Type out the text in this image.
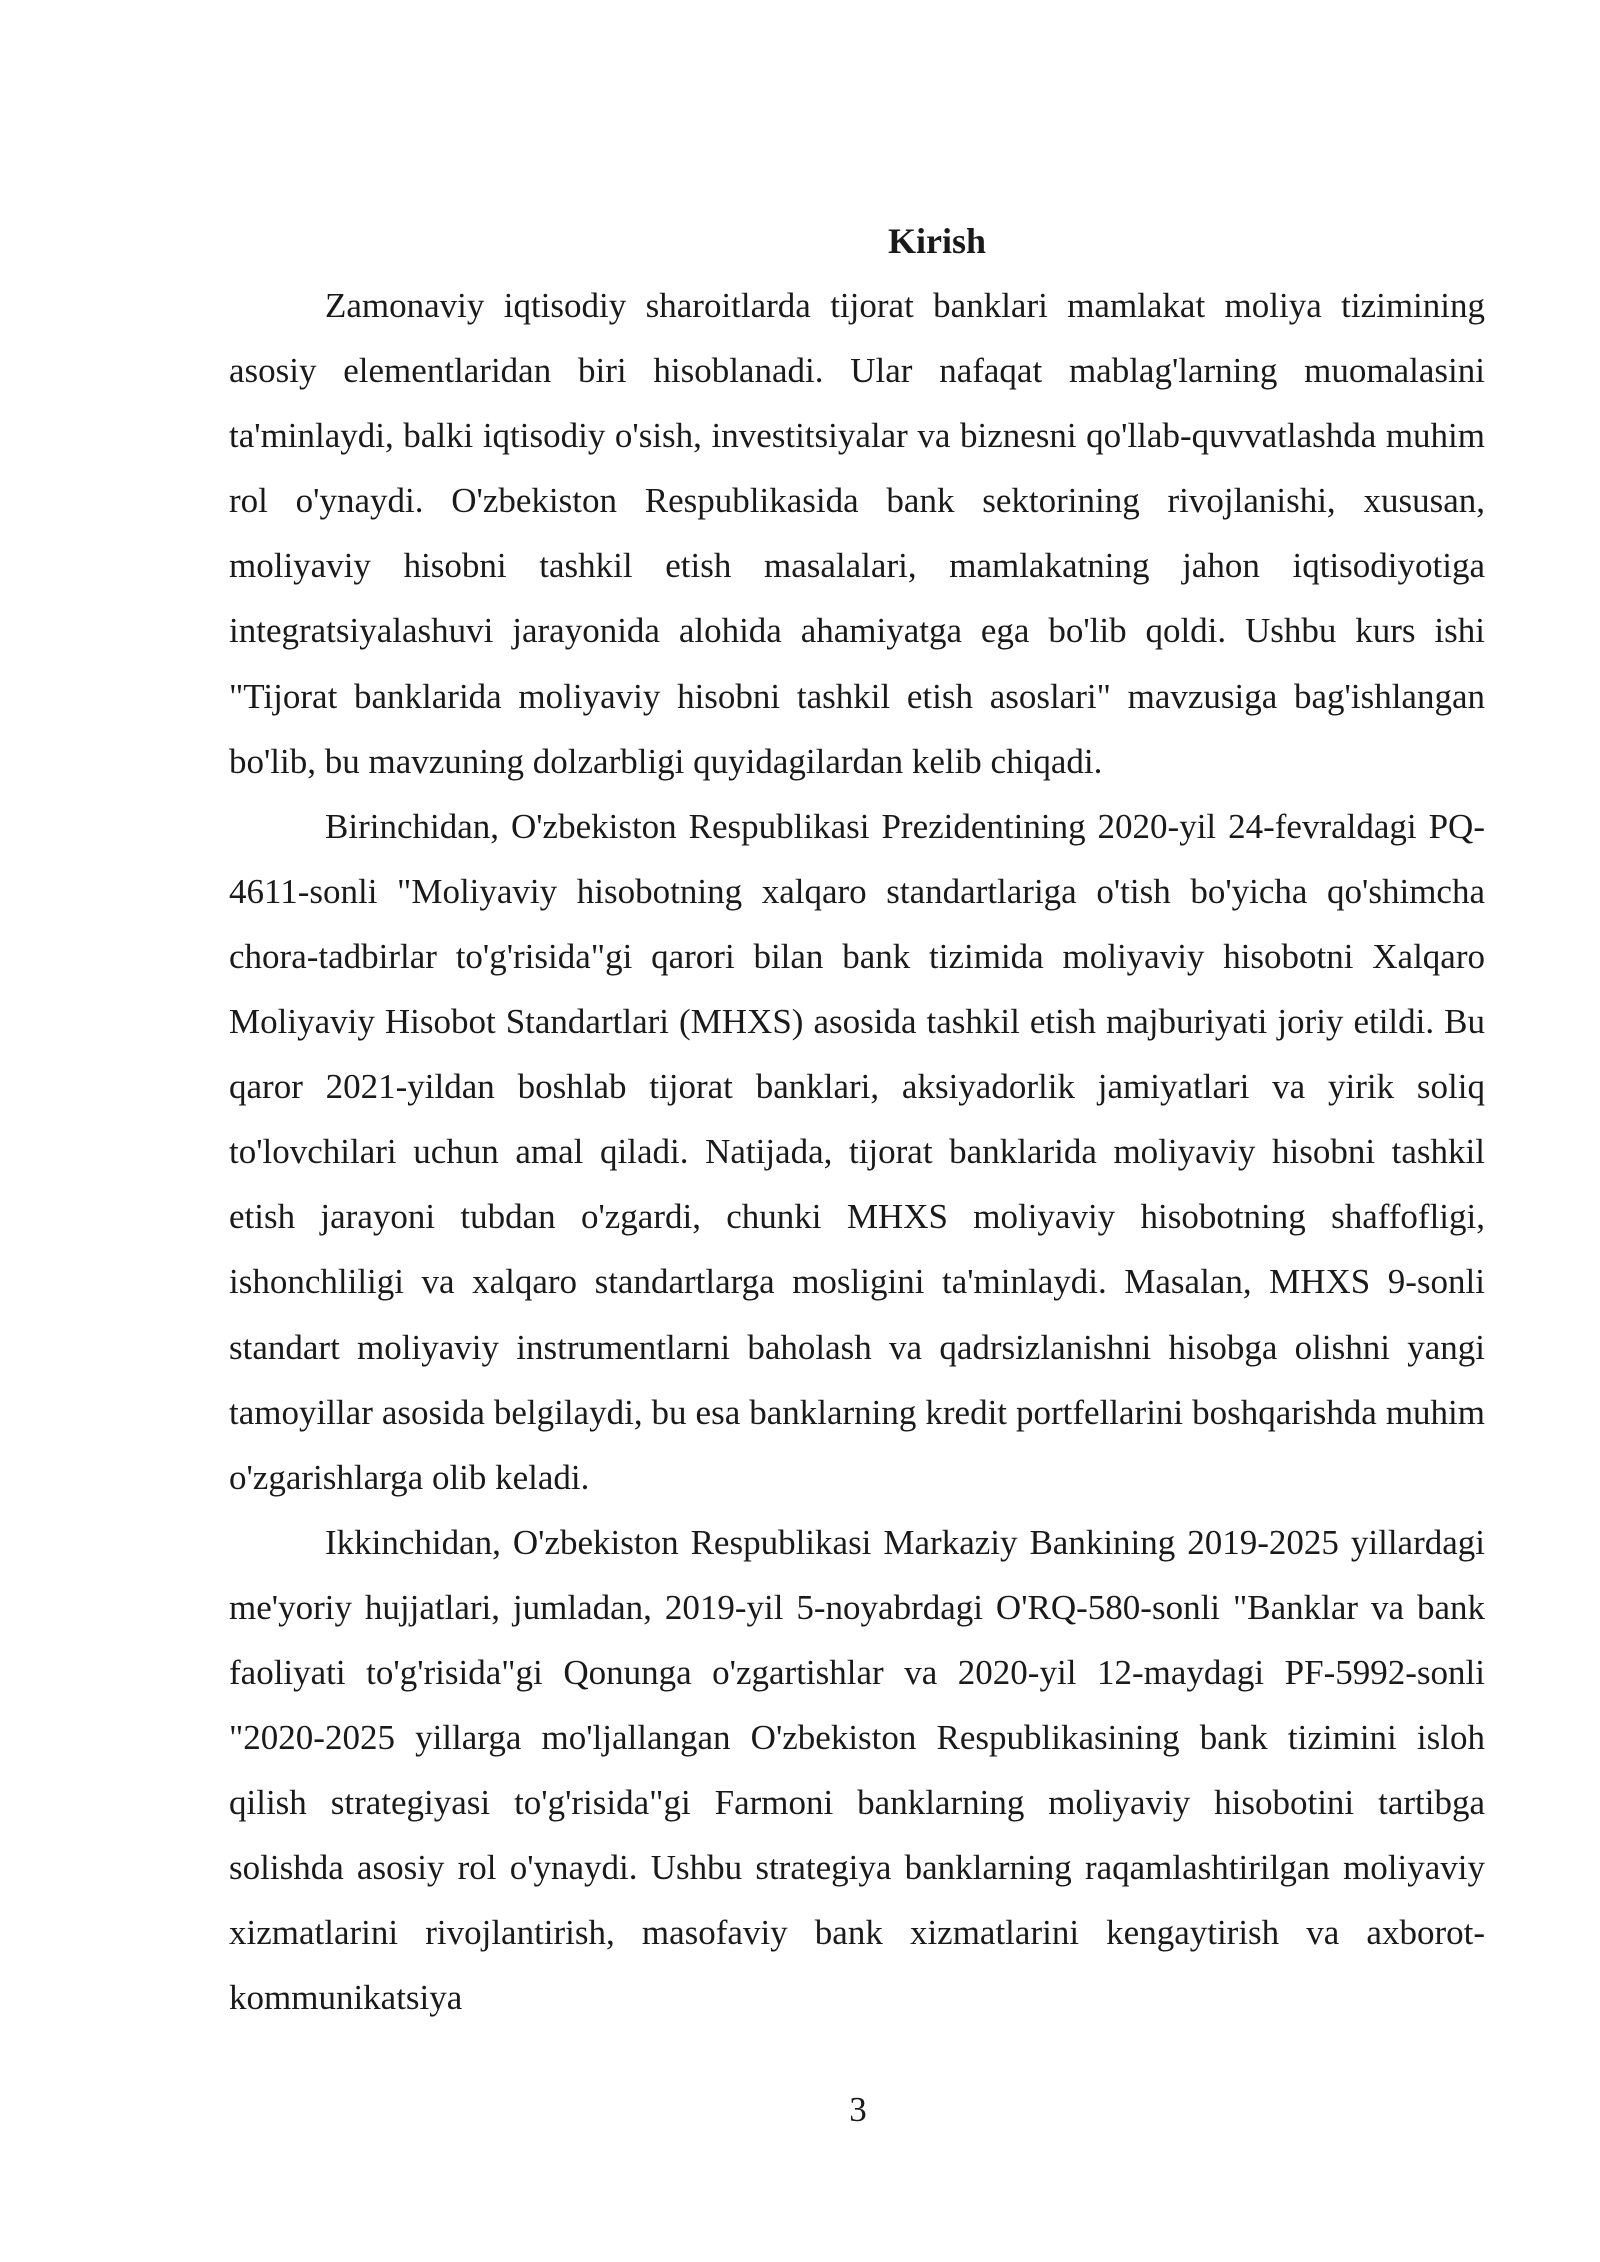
Kirish

Zamonaviy iqtisodiy sharoitlarda tijorat banklari mamlakat moliya tizimining asosiy elementlaridan biri hisoblanadi. Ular nafaqat mablag'larning muomalasini ta'minlaydi, balki iqtisodiy o'sish, investitsiyalar va biznesni qo'llab-quvvatlashda muhim rol o'ynaydi. O'zbekiston Respublikasida bank sektorining rivojlanishi, xususan, moliyaviy hisobni tashkil etish masalalari, mamlakatning jahon iqtisodiyotiga integratsiyalashuvi jarayonida alohida ahamiyatga ega bo'lib qoldi. Ushbu kurs ishi "Tijorat banklarida moliyaviy hisobni tashkil etish asoslari" mavzusiga bag'ishlangan bo'lib, bu mavzuning dolzarbligi quyidagilardan kelib chiqadi.

Birinchidan, O'zbekiston Respublikasi Prezidentining 2020-yil 24-fevraldagi PQ-4611-sonli "Moliyaviy hisobotning xalqaro standartlariga o'tish bo'yicha qo'shimcha chora-tadbirlar to'g'risida"gi qarori bilan bank tizimida moliyaviy hisobotni Xalqaro Moliyaviy Hisobot Standartlari (MHXS) asosida tashkil etish majburiyati joriy etildi. Bu qaror 2021-yildan boshlab tijorat banklari, aksiyadorlik jamiyatlari va yirik soliq to'lovchilari uchun amal qiladi. Natijada, tijorat banklarida moliyaviy hisobni tashkil etish jarayoni tubdan o'zgardi, chunki MHXS moliyaviy hisobotning shaffofligi, ishonchliligi va xalqaro standartlarga mosligini ta'minlaydi. Masalan, MHXS 9-sonli standart moliyaviy instrumentlarni baholash va qadrsizlanishni hisobga olishni yangi tamoyillar asosida belgilaydi, bu esa banklarning kredit portfellarini boshqarishda muhim o'zgarishlarga olib keladi.

Ikkinchidan, O'zbekiston Respublikasi Markaziy Bankining 2019-2025 yillardagi me'yoriy hujjatlari, jumladan, 2019-yil 5-noyabrdagi O'RQ-580-sonli "Banklar va bank faoliyati to'g'risida"gi Qonunga o'zgartishlar va 2020-yil 12-maydagi PF-5992-sonli "2020-2025 yillarga mo'ljallangan O'zbekiston Respublikasining bank tizimini isloh qilish strategiyasi to'g'risida"gi Farmoni banklarning moliyaviy hisobotini tartibga solishda asosiy rol o'ynaydi. Ushbu strategiya banklarning raqamlashtirilgan moliyaviy xizmatlarini rivojlantirish, masofaviy bank xizmatlarini kengaytirish va axborot-kommunikatsiya

3
